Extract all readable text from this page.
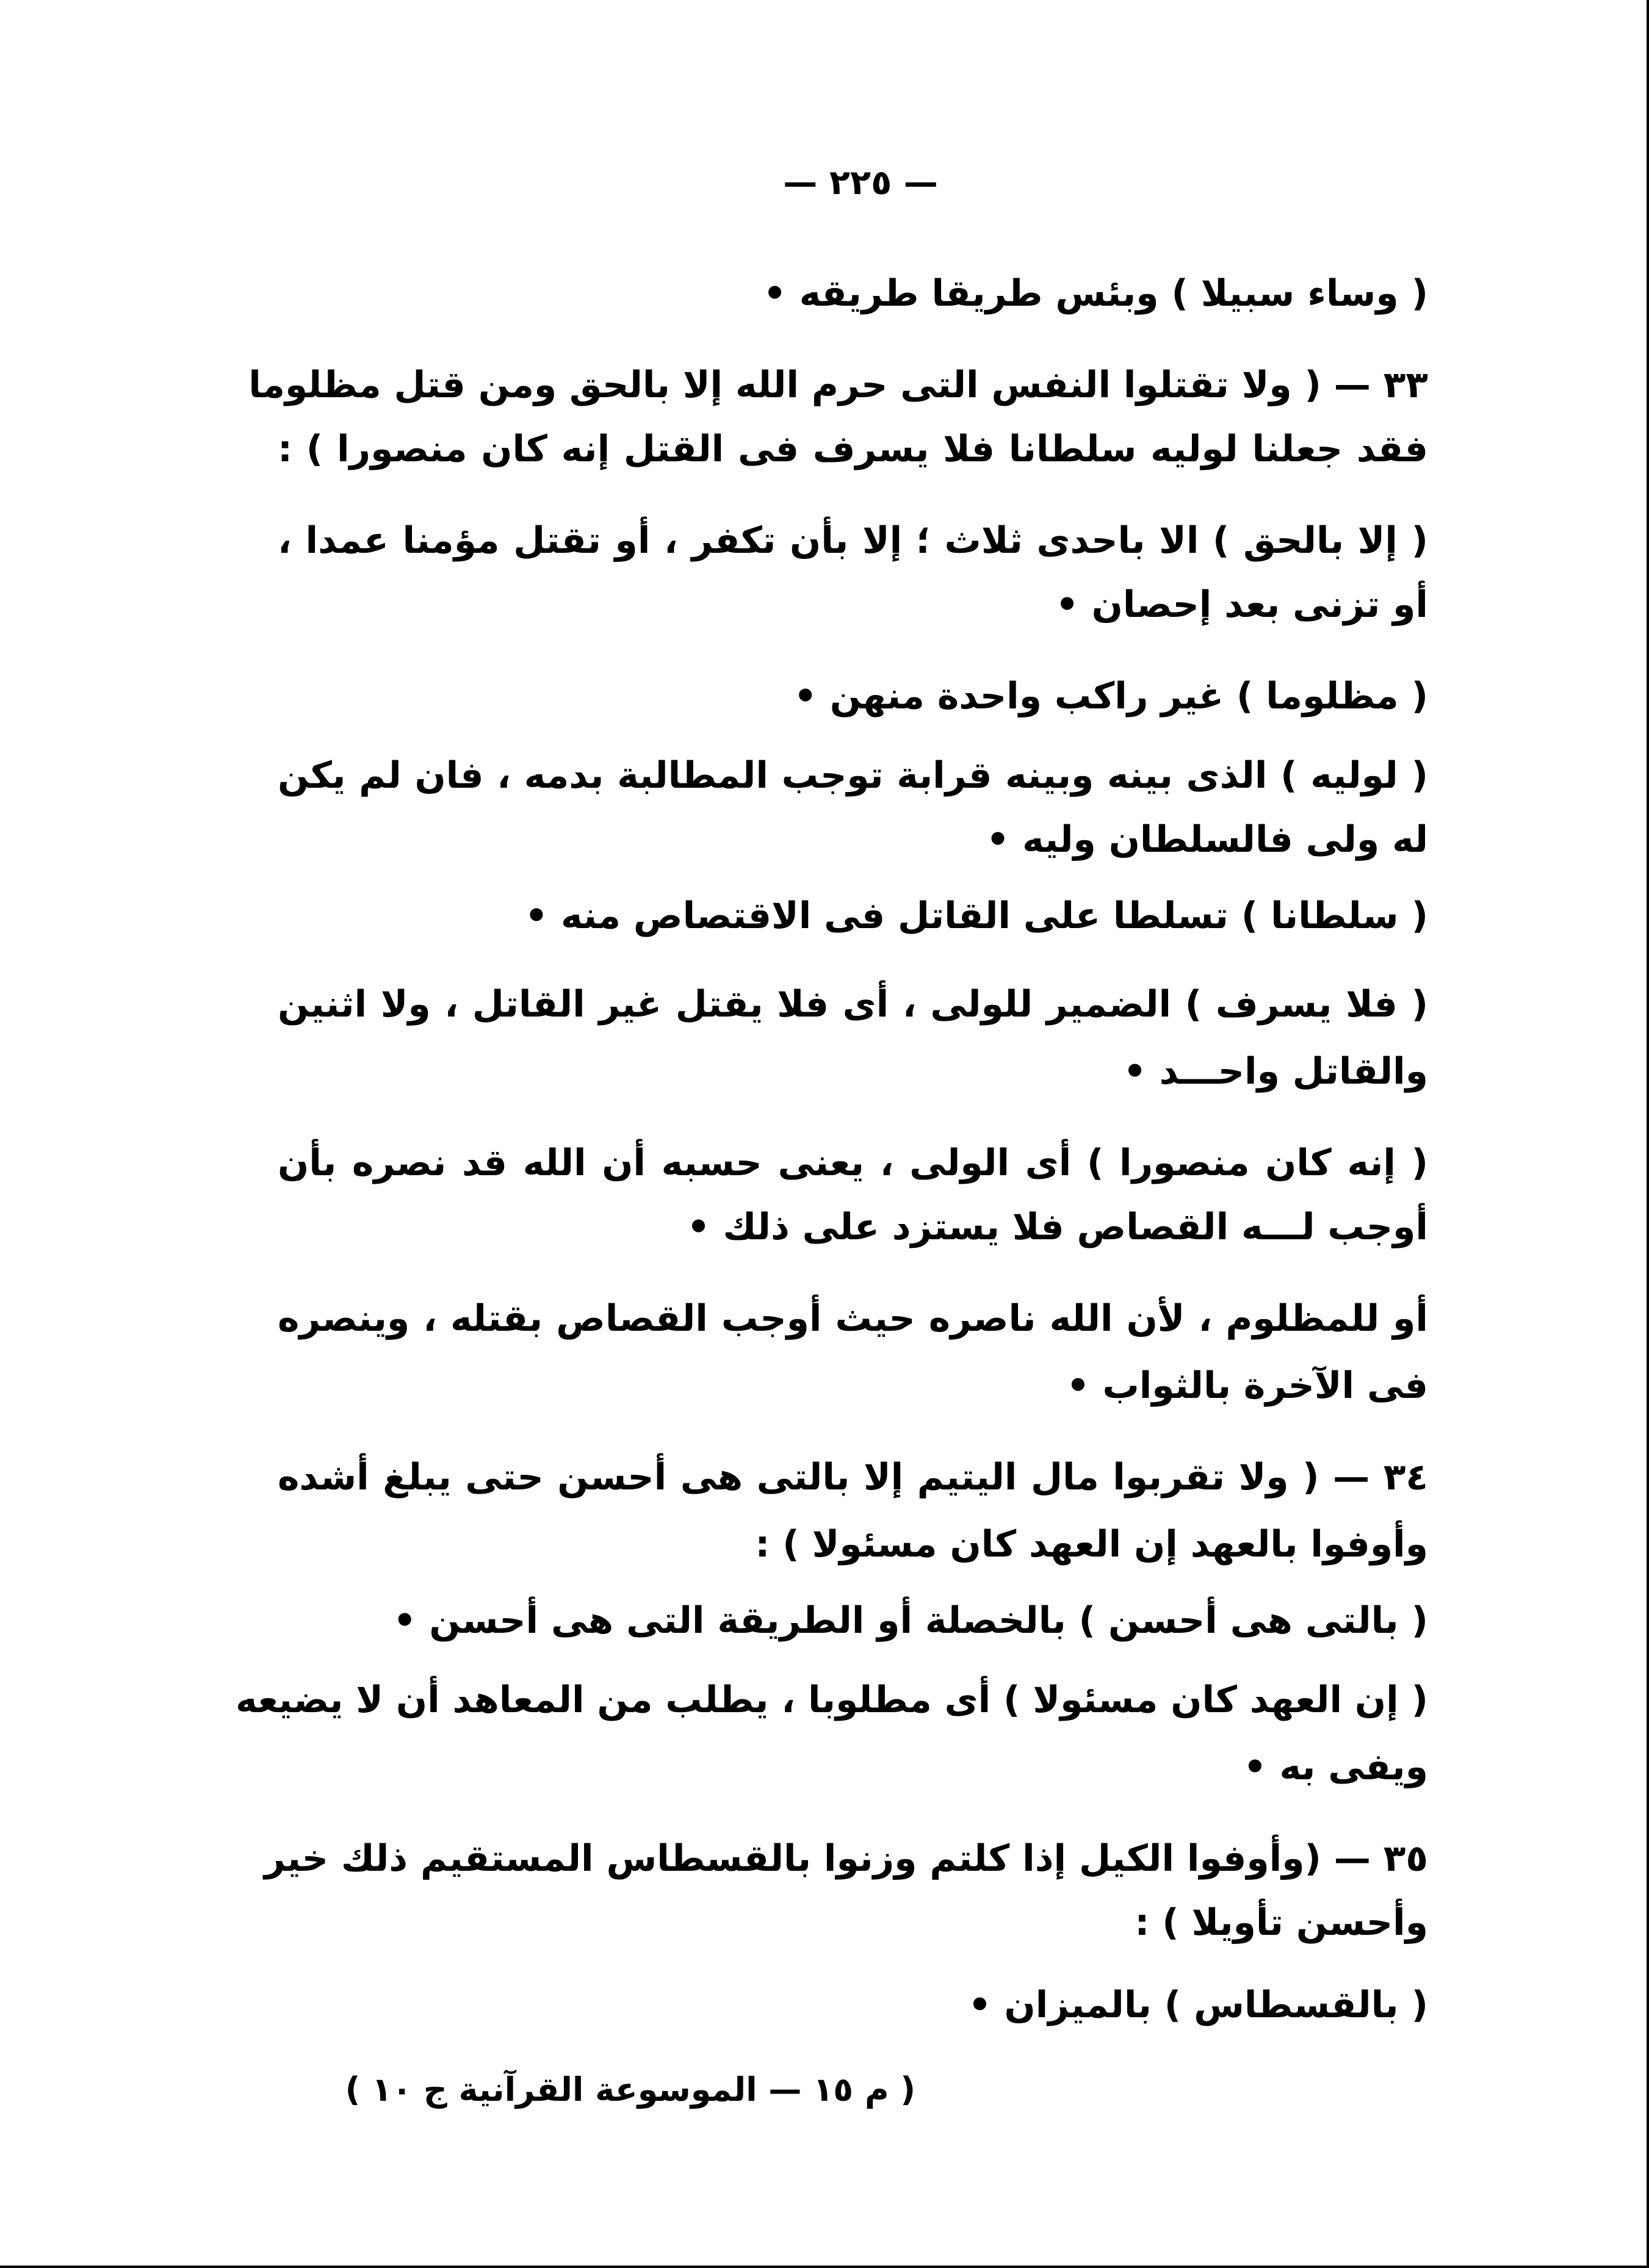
— ٢٢٥ —
( وساء سبيلا ) وبئس طريقا طريقه •
٣٣ — ( ولا تقتلوا النفس التى حرم الله إلا بالحق ومن قتل مظلوما
فقد جعلنا لوليه سلطانا فلا يسرف فى القتل إنه كان منصورا ) :
( إلا بالحق ) الا باحدى ثلاث ؛ إلا بأن تكفر ، أو تقتل مؤمنا عمدا ،
أو تزنى بعد إحصان •
( مظلوما ) غير راكب واحدة منهن •
( لوليه ) الذى بينه وبينه قرابة توجب المطالبة بدمه ، فان لم يكن
له ولى فالسلطان وليه •
( سلطانا ) تسلطا على القاتل فى الاقتصاص منه •
( فلا يسرف ) الضمير للولى ، أى فلا يقتل غير القاتل ، ولا اثنين
والقاتل واحـــد •
( إنه كان منصورا ) أى الولى ، يعنى حسبه أن الله قد نصره بأن
أوجب لـــه القصاص فلا يستزد على ذلك •
أو للمظلوم ، لأن الله ناصره حيث أوجب القصاص بقتله ، وينصره
فى الآخرة بالثواب •
٣٤ — ( ولا تقربوا مال اليتيم إلا بالتى هى أحسن حتى يبلغ أشده
وأوفوا بالعهد إن العهد كان مسئولا ) :
( بالتى هى أحسن ) بالخصلة أو الطريقة التى هى أحسن •
( إن العهد كان مسئولا ) أى مطلوبا ، يطلب من المعاهد أن لا يضيعه
ويفى به •
٣٥ — (وأوفوا الكيل إذا كلتم وزنوا بالقسطاس المستقيم ذلك خير
وأحسن تأويلا ) :
( بالقسطاس ) بالميزان •
( م ١٥ — الموسوعة القرآنية ج ١٠ )
